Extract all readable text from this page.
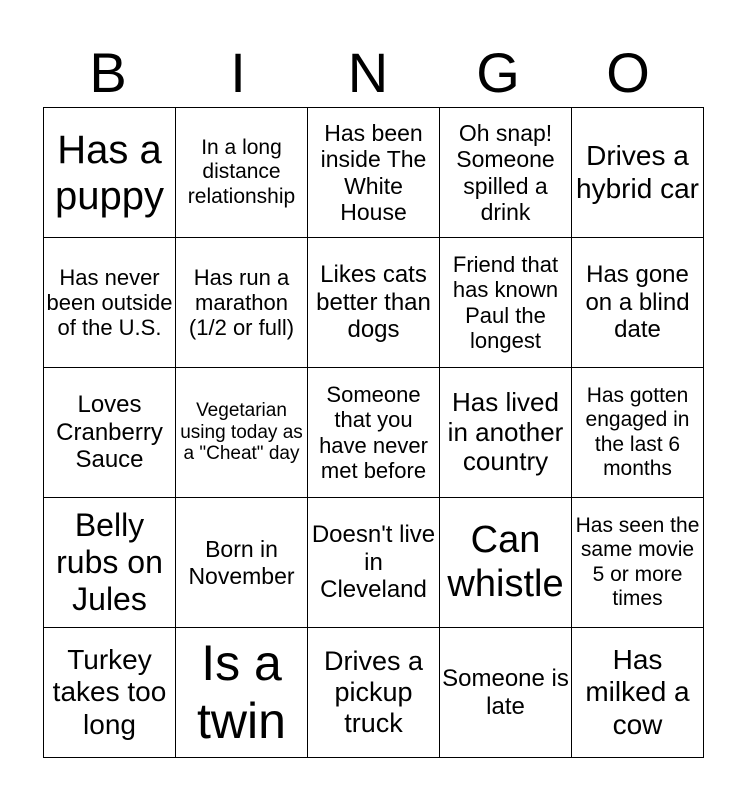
B	I	N	G	O
Has a puppy	In a long distance relationship	Has been inside The White House	Oh snap! Someone spilled a drink	Drives a hybrid car
Has never been outside of the U.S.	Has run a marathon (1/2 or full)	Likes cats better than dogs	Friend that has known Paul the longest	Has gone on a blind date
Loves Cranberry Sauce	Vegetarian using today as a "Cheat" day	Someone that you have never met before	Has lived in another country	Has gotten engaged in the last 6 months
Belly rubs on Jules	Born in November	Doesn't live in Cleveland	Can whistle	Has seen the same movie 5 or more times
Turkey takes too long	Is a twin	Drives a pickup truck	Someone is late	Has milked a cow
